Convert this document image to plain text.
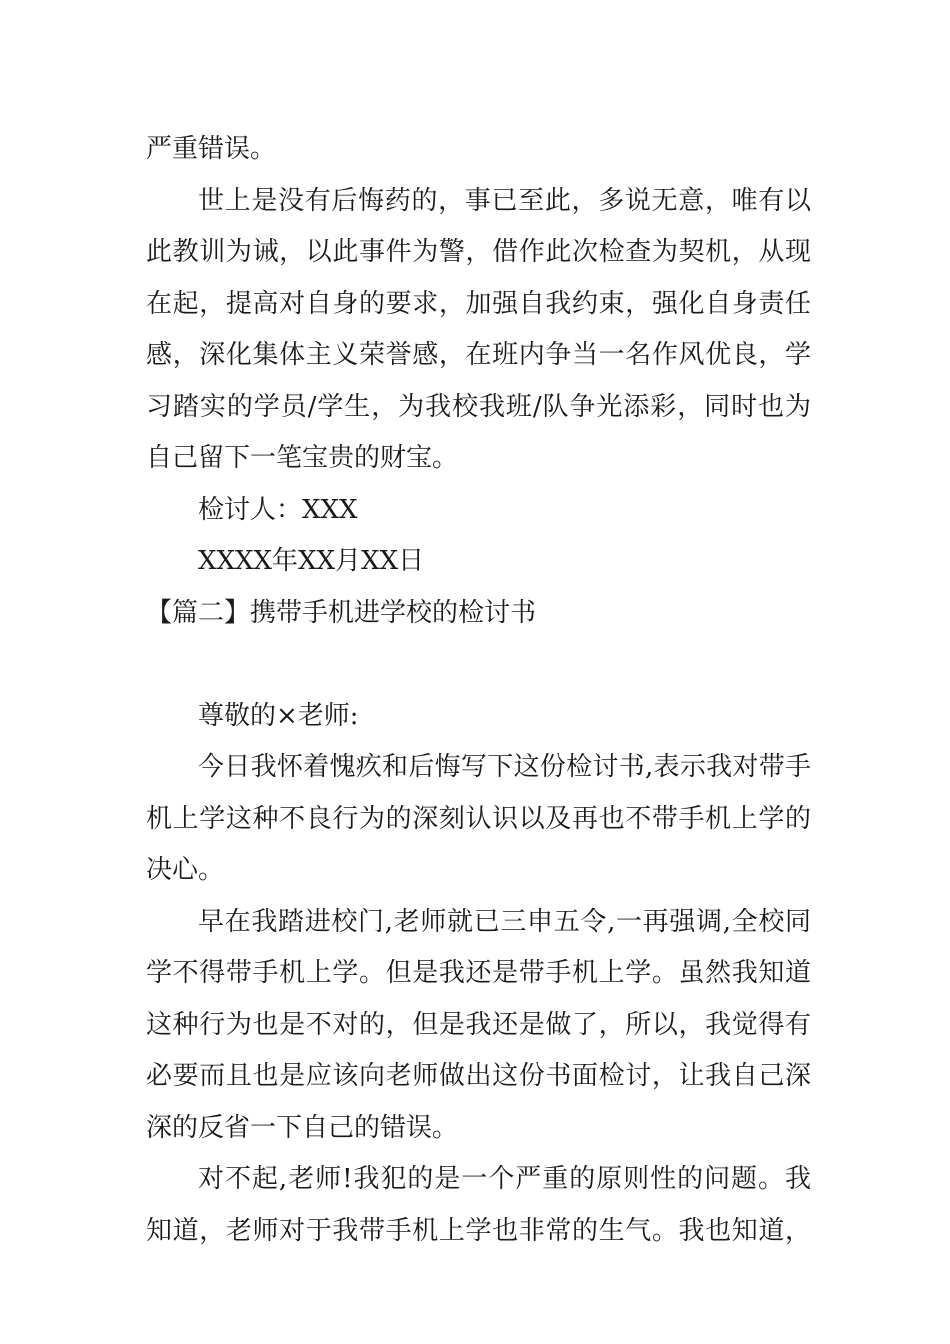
严重错误。
世上是没有后悔药的，事已至此，多说无意，唯有以
此教训为诫，以此事件为警，借作此次检查为契机，从现
在起，提高对自身的要求，加强自我约束，强化自身责任
感，深化集体主义荣誉感，在班内争当一名作风优良，学
习踏实的学员/学生，为我校我班/队争光添彩，同时也为
自己留下一笔宝贵的财宝。
检讨人：XXX
XXXX年XX月XX日
【篇二】携带手机进学校的检讨书
尊敬的×老师:
今日我怀着愧疚和后悔写下这份检讨书,表示我对带手
机上学这种不良行为的深刻认识以及再也不带手机上学的
决心。
早在我踏进校门,老师就已三申五令,一再强调,全校同
学不得带手机上学。但是我还是带手机上学。虽然我知道
这种行为也是不对的，但是我还是做了，所以，我觉得有
必要而且也是应该向老师做出这份书面检讨，让我自己深
深的反省一下自己的错误。
对不起,老师!我犯的是一个严重的原则性的问题。我
知道，老师对于我带手机上学也非常的生气。我也知道，
